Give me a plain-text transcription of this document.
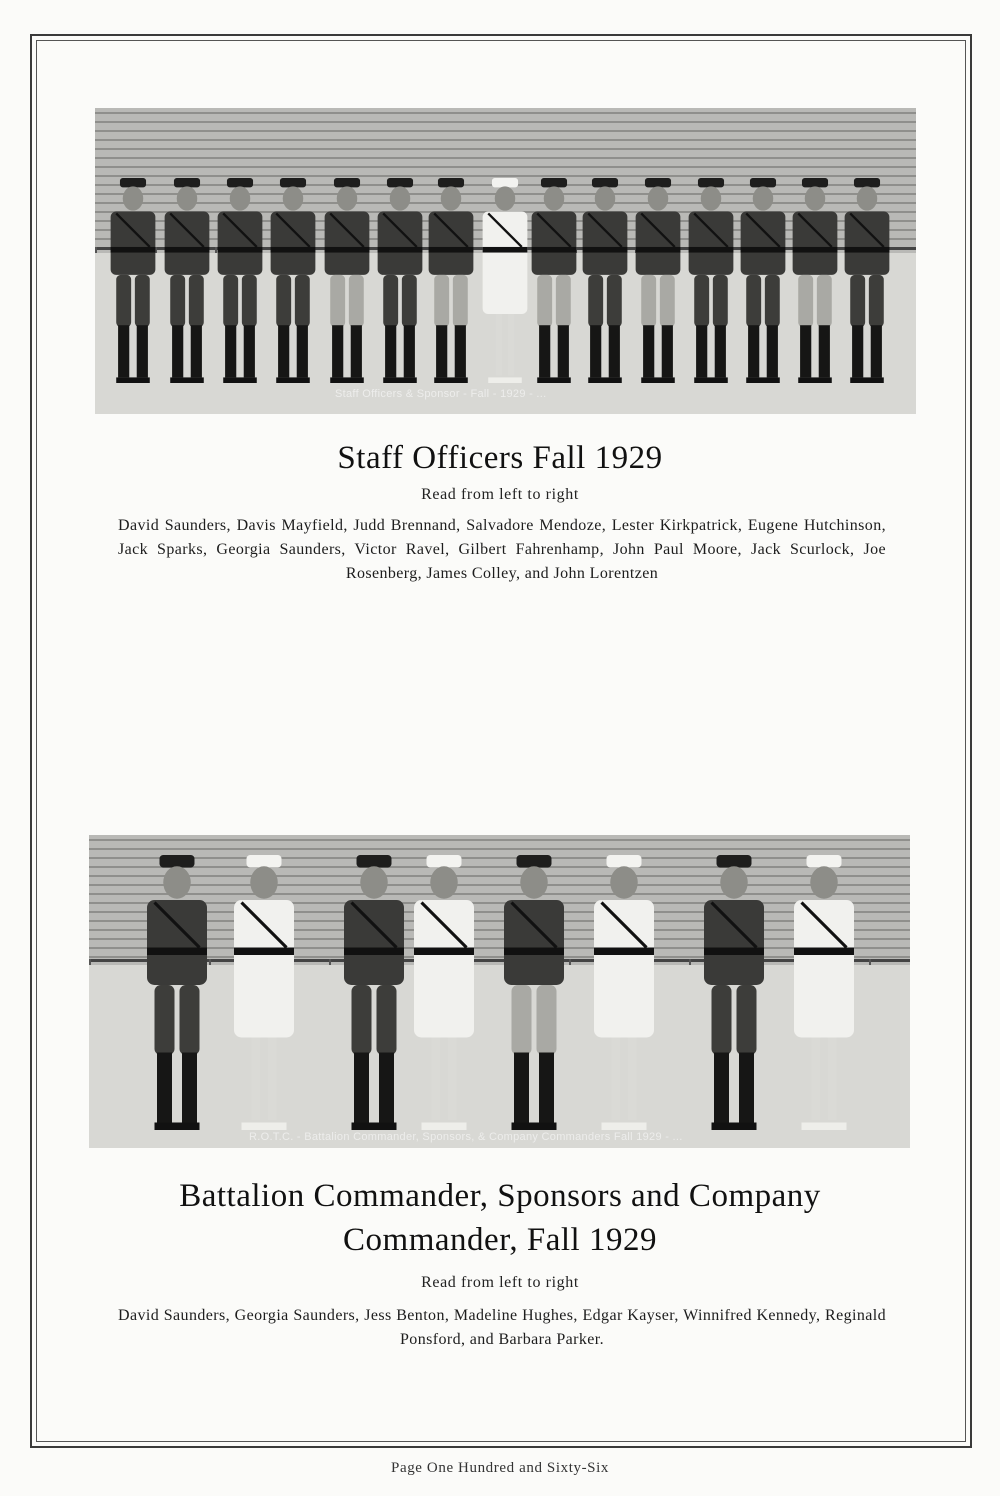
Staff Officers & Sponsor - Fall - 1929 - ...
Staff Officers Fall 1929
Read from left to right
David Saunders, Davis Mayfield, Judd Brennand, Salvadore Mendoze, Lester Kirkpatrick, Eugene Hutchinson, Jack Sparks, Georgia Saunders, Victor Ravel, Gilbert Fahrenhamp, John Paul Moore, Jack Scurlock, Joe Rosenberg, James Colley, and John Lorentzen
R.O.T.C. - Battalion Commander, Sponsors, & Company Commanders Fall 1929 - ...
Battalion Commander, Sponsors and Company
Commander, Fall 1929
Read from left to right
David Saunders, Georgia Saunders, Jess Benton, Madeline Hughes, Edgar Kayser, Winnifred Kennedy, Reginald Ponsford, and Barbara Parker.
Page One Hundred and Sixty-Six
